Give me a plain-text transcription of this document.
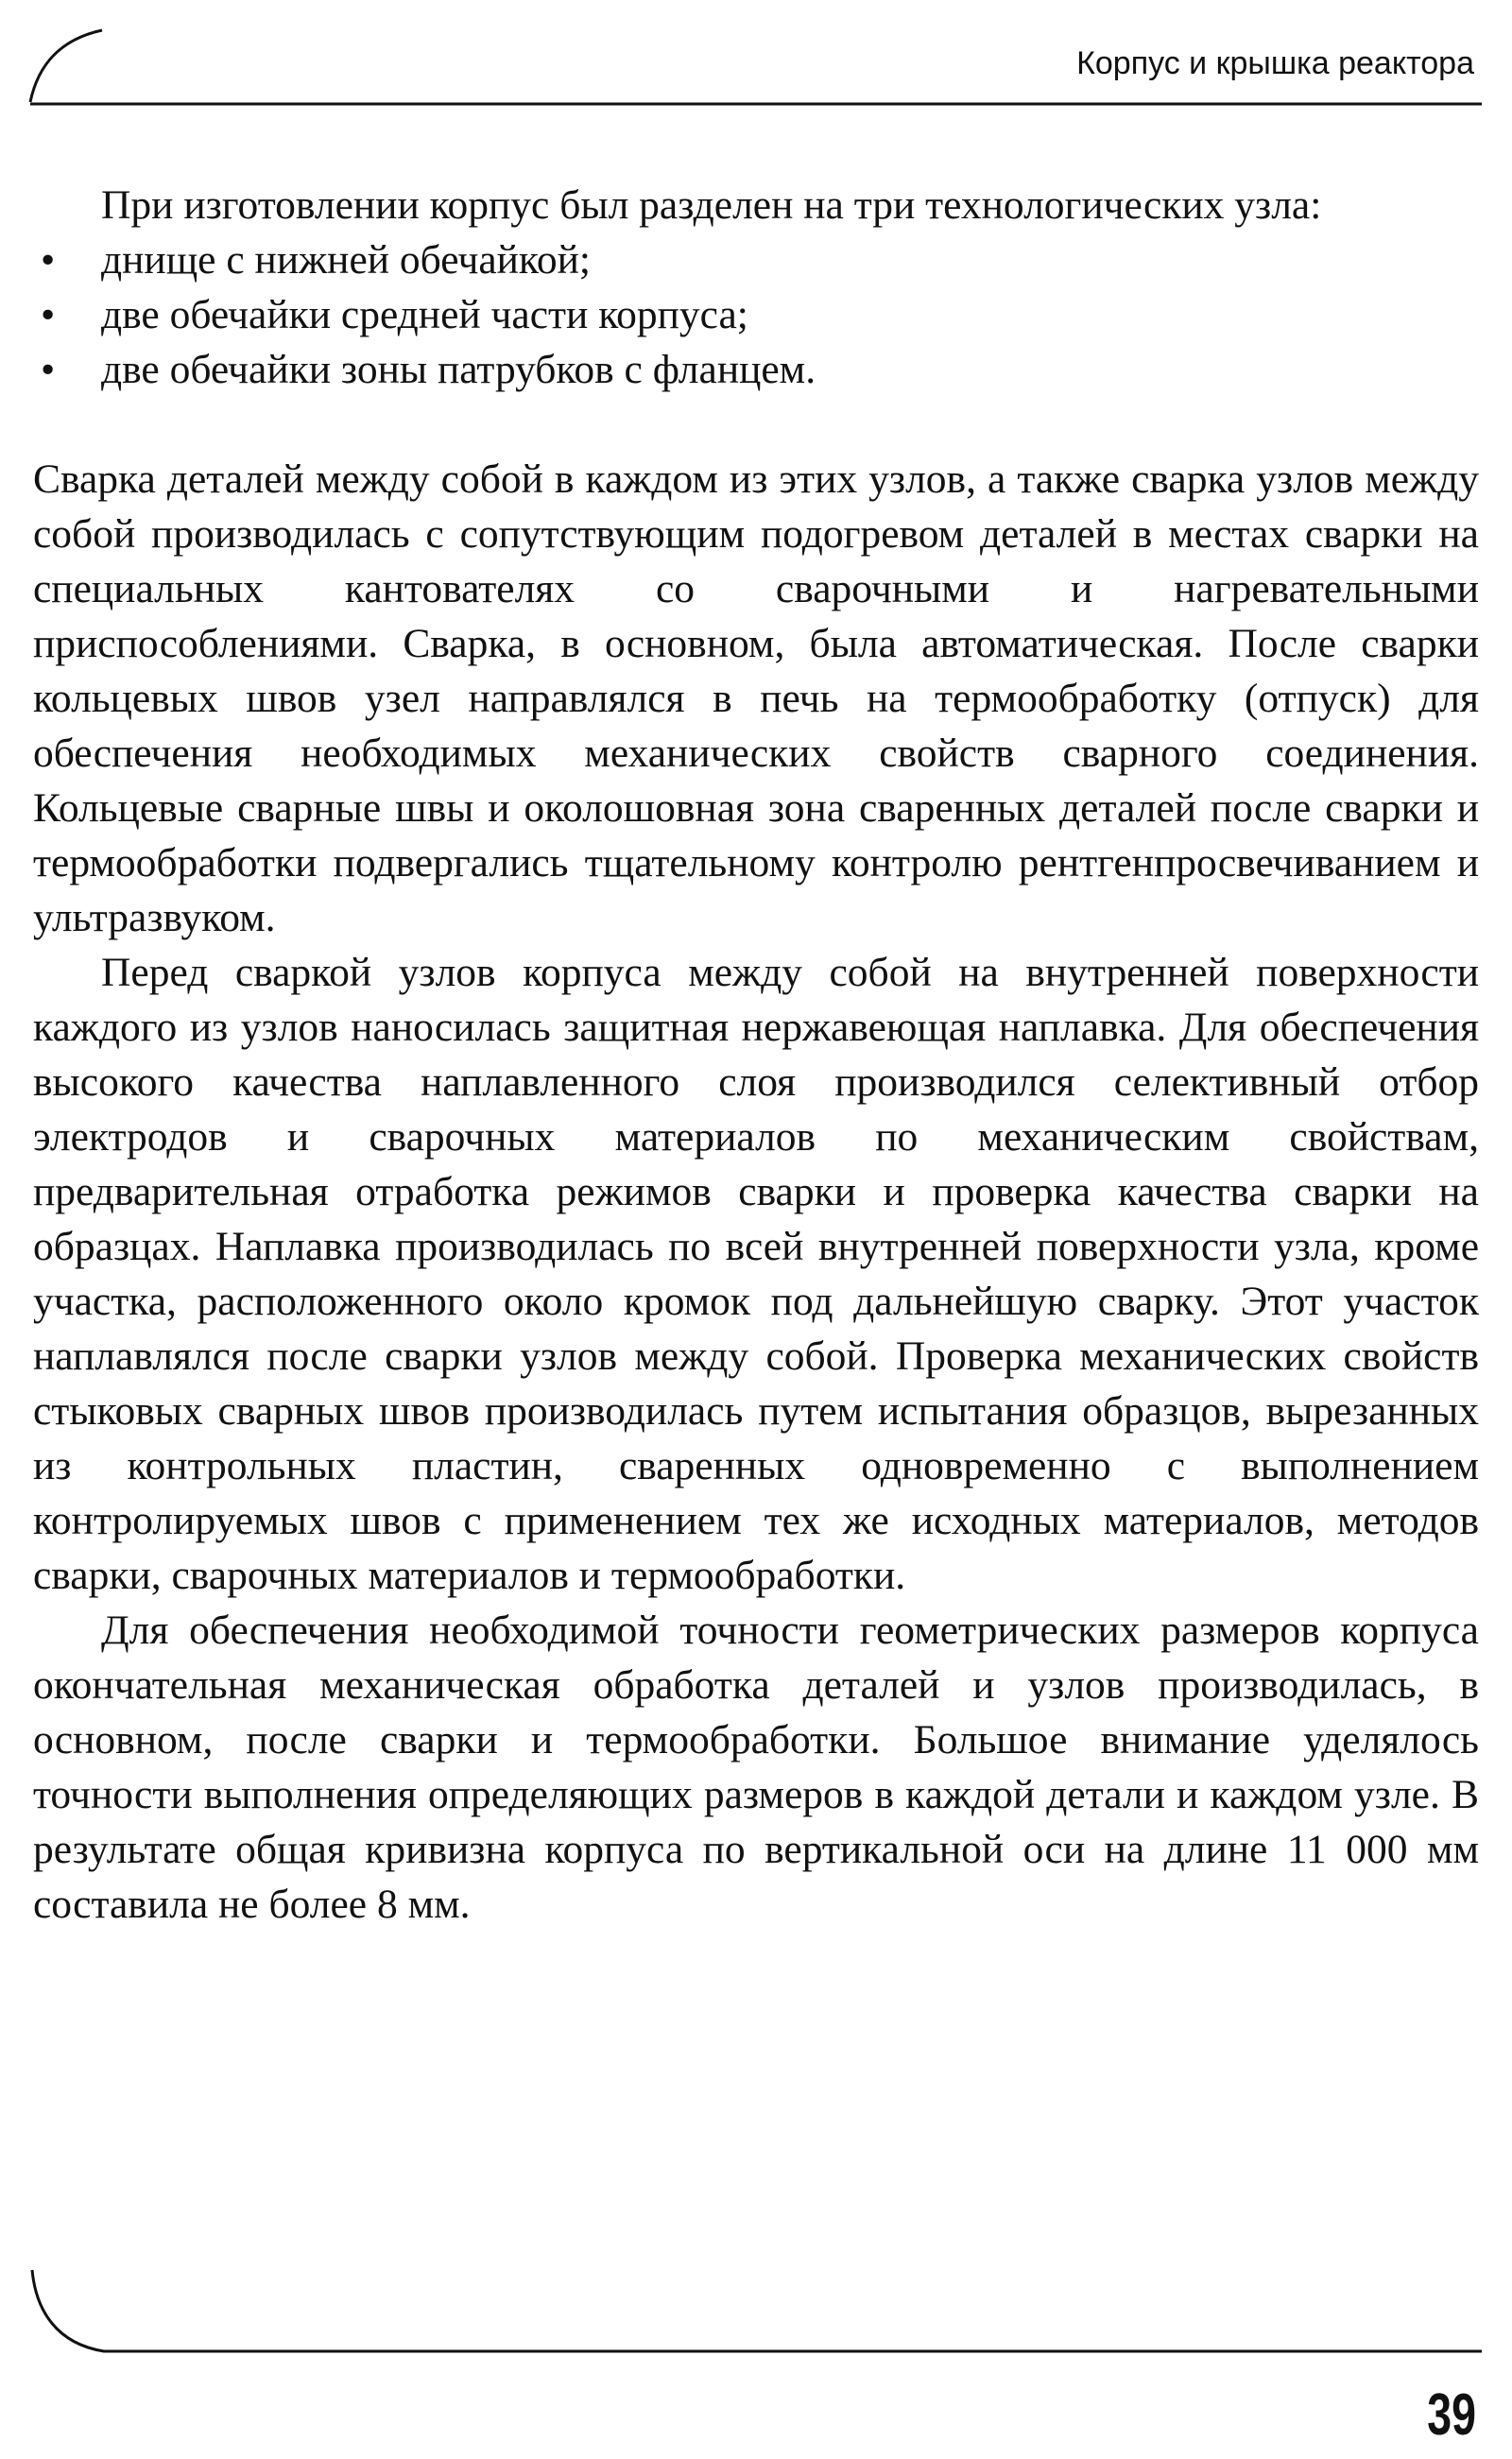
Корпус и крышка реактора

При изготовлении корпус был разделен на три технологических узла:

• днище с нижней обечайкой;
• две обечайки средней части корпуса;
• две обечайки зоны патрубков с фланцем.

Сварка деталей между собой в каждом из этих узлов, а также сварка узлов между собой производилась с сопутствующим подогревом деталей в местах сварки на специальных кантователях со сварочными и нагревательными приспособлениями. Сварка, в основном, была автоматическая. После сварки кольцевых швов узел направлялся в печь на термообработку (отпуск) для обеспечения необходимых механических свойств сварного соединения. Кольцевые сварные швы и околошовная зона сваренных деталей после сварки и термообработки подвергались тщательному контролю рентгенпросвечиванием и ультразвуком.

Перед сваркой узлов корпуса между собой на внутренней поверхности каждого из узлов наносилась защитная нержавеющая наплавка. Для обеспечения высокого качества наплавленного слоя производился селективный отбор электродов и сварочных материалов по механическим свойствам, предварительная отработка режимов сварки и проверка качества сварки на образцах. Наплавка производилась по всей внутренней поверхности узла, кроме участка, расположенного около кромок под дальнейшую сварку. Этот участок наплавлялся после сварки узлов между собой. Проверка механических свойств стыковых сварных швов производилась путем испытания образцов, вырезанных из контрольных пластин, сваренных одновременно с выполнением контролируемых швов с применением тех же исходных материалов, методов сварки, сварочных материалов и термообработки.

Для обеспечения необходимой точности геометрических размеров корпуса окончательная механическая обработка деталей и узлов производилась, в основном, после сварки и термообработки. Большое внимание уделялось точности выполнения определяющих размеров в каждой детали и каждом узле. В результате общая кривизна корпуса по вертикальной оси на длине 11 000 мм составила не более 8 мм.

39
